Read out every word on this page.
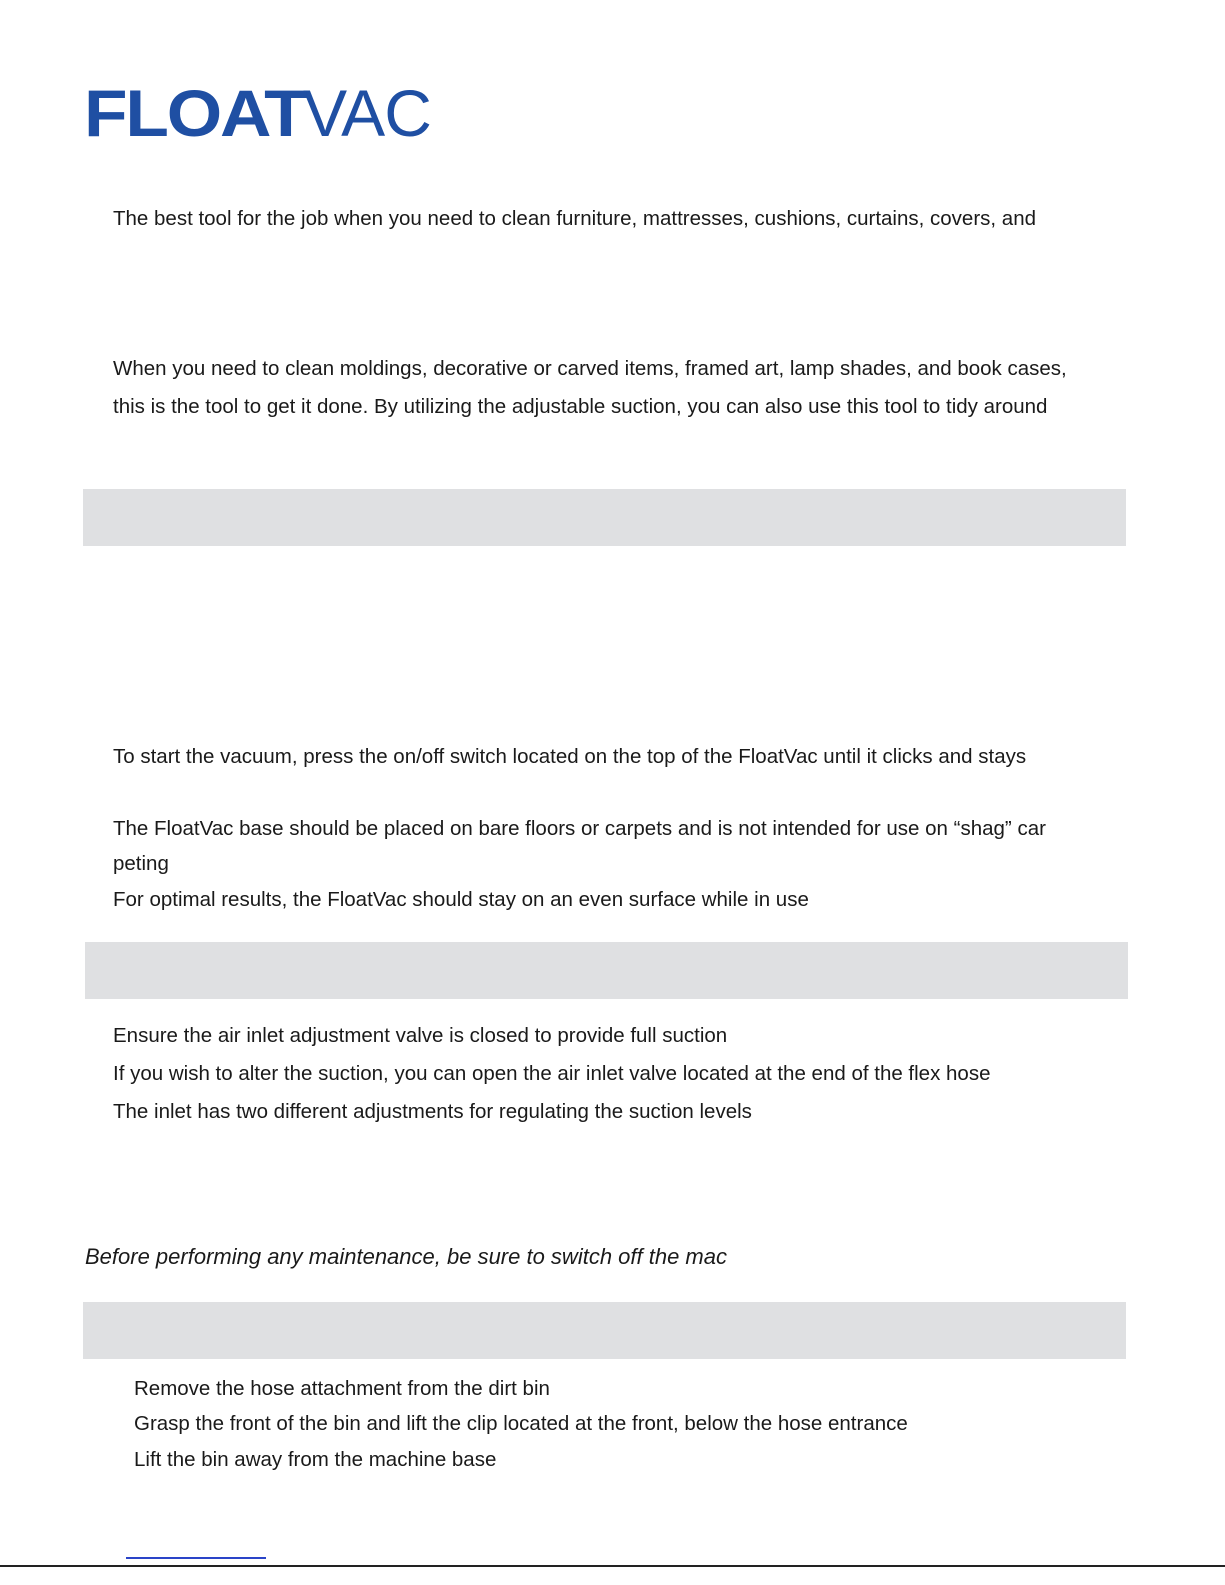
FLOAT
VAC
The best tool for the job when you need to clean furniture, mattresses, cushions, curtains, covers, and
When you need to clean moldings, decorative or carved items, framed art, lamp shades, and book cases,
this is the tool to get it done. By utilizing the adjustable suction, you can also use this tool to tidy around
To start the vacuum, press the on/off switch located on the top of the FloatVac until it clicks and stays
The FloatVac base should be placed on bare floors or carpets and is not intended for use on “shag” car
peting
For optimal results, the FloatVac should stay on an even surface while in use
Ensure the air inlet adjustment valve is closed to provide full suction
If you wish to alter the suction, you can open the air inlet valve located at the end of the flex hose
The inlet has two different adjustments for regulating the suction levels
Before performing any maintenance, be sure to switch off the mac
Remove the hose attachment from the dirt bin
Grasp the front of the bin and lift the clip located at the front, below the hose entrance
Lift the bin away from the machine base
